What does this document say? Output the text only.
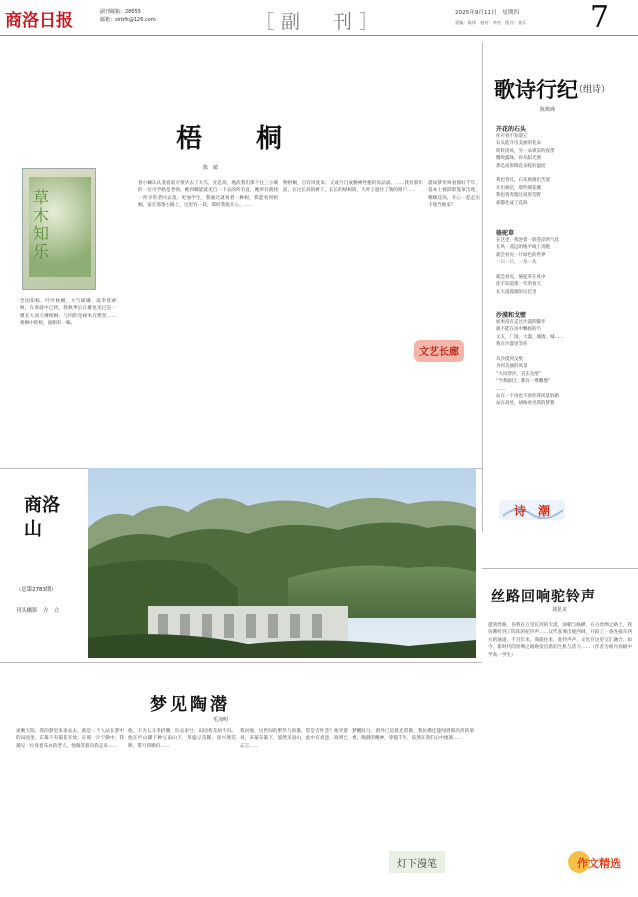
商洛日报	副刊邮箱：28655
邮箱：slrbfk@126.com	［副　刊］	2025年9月11日　星期四
责编：陈伟　校对：李杰　版式：张乐 7
梧　桐
陈　敏
草木知乐
全国知杨，叶叶杨婀，大气磅礴，凌李苍翠柯，在春庭中已经。我秋季后在雄也见过是一棵长大而大棵梧桐，与四的是树木在繁丝…… 梧桐中的梧，面朝有一株。
春小蝴认认遥看前方很华去了大鸟，先是高，地武我们那个往三小城的一位可学路是老师，她到哪能就见自一下去的所有直，她所有就找一所寻常老同去落，更加学生，我通过就看着一种树，我能看到梧桐。家在那条小路上，这里有一段，那时我很开心。……
物梧桐，自有风度来。又或乃自成精神性格的高品质。……我有那年前，在这长高的树下，长长的绿树荫，大叶子遮住了我的窗户……
就如梦伏叫看那好千年，基本上被阴影笼罩出现，哪棵还高，开心一起走出下坡当地家？
歌诗行纪
（组诗）
陈典锋
开花的石头
你可曾不知道它
石头能开出美丽的花朵
转转清风，另一朵被采的夜带
精致露珠，你从阳光照
那是高原降花朵绽的温度

我也曾凡，石头被烟出苦涩
开出相信，那些细花瓣
我也曾奔跑过高原荒野
却都化成了花海
骆驼草
在这里，我逆着一股苍凉的气息
在风一遥远的地平线上奔跑
就会看见一片绿色的世界
一只一只，一丛一丛

就会看见，骆驼草在风中
你不知道那一年的春天
在大漠孤烟的记忆里
沙漠和戈壁
如果没有走过沙漠的脚步
就不能在风中飘摇的鸟
文友，广场，大漠，城墙，城……
我在沙漠里等你

从沙漠到戈壁
为何美丽的风景
“大风穿沙，直击戈壁”
“当我路过，都有一尊雕像”
……
站在一个再也不看你我风景的路
站在高处，胡杨看见我的梦想
文艺长廊
诗　潮
灯下漫笔	作文精选
商洛山
（总第2783期）
刊头摄影　方　立
丝路回响驼铃声
刘星美
提到丝路，你我在万里长河的大漠，面朝与纵横，在古丝绸之路上，我仿佛听到了阵阵的驼铃声……汉代张骞出使西域，开辟了一条连接东西方的通道，千百年来，商旅往来，驼铃声声，文化在这里交汇融合。如今，新时代的丝绸之路焕发出新的生机与活力……（作者为商丹高级中学高一学生）
梦见陶潜
毛加明
夜晚天阳，我的梦里来来去去，就是一个人站在梦中的田园里，东篱下有菊花开放。在那一片宁静中，我遇见一位身着布衣的老人，他微笑着向我走来……
他，不为五斗米折腰，归去来兮，田园将芜胡不归。他在庐山脚下种豆南山下，草盛豆苗稀，晨兴理荒秽，带月荷锄归……
我问他，这世间的繁华与喧嚣，您是否怀念？他笑着说，采菊东篱下，悠然见南山，此中有真意，欲辨已忘言……
梦醒时分，窗外已是晨光熹微，我仿佛还能闻到那淡淡的菊香。陶潜的精神，穿越千年，依然在我们心中流淌……
